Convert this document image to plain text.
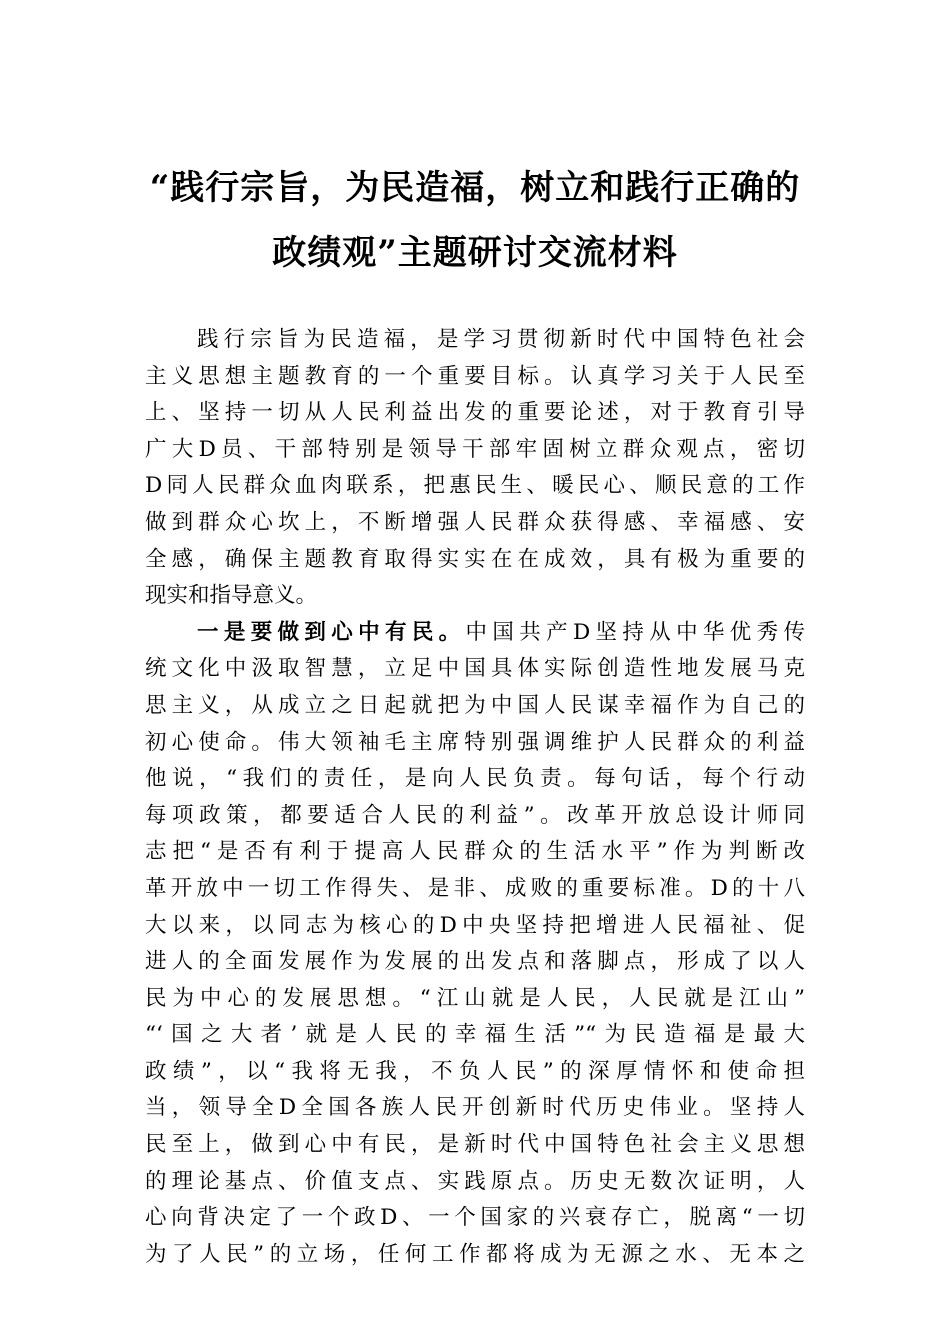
“践行宗旨，为民造福，树立和践行正确的
政绩观”主题研讨交流材料
践行宗旨为民造福，是学习贯彻新时代中国特色社会
主义思想主题教育的一个重要目标。认真学习关于人民至
上、坚持一切从人民利益出发的重要论述，对于教育引导
广大D员、干部特别是领导干部牢固树立群众观点，密切
D同人民群众血肉联系，把惠民生、暖民心、顺民意的工作
做到群众心坎上，不断增强人民群众获得感、幸福感、安
全感，确保主题教育取得实实在在成效，具有极为重要的
现实和指导意义。
一是要做到心中有民。中国共产D坚持从中华优秀传
统文化中汲取智慧，立足中国具体实际创造性地发展马克
思主义，从成立之日起就把为中国人民谋幸福作为自己的
初心使命。伟大领袖毛主席特别强调维护人民群众的利益
他说，“我们的责任，是向人民负责。每句话，每个行动
每项政策，都要适合人民的利益”。改革开放总设计师同
志把“是否有利于提高人民群众的生活水平”作为判断改
革开放中一切工作得失、是非、成败的重要标准。D的十八
大以来，以同志为核心的D中央坚持把增进人民福祉、促
进人的全面发展作为发展的出发点和落脚点，形成了以人
民为中心的发展思想。“江山就是人民，人民就是江山”
“‘国之大者’就是人民的幸福生活”“为民造福是最大
政绩”，以“我将无我，不负人民”的深厚情怀和使命担
当，领导全D全国各族人民开创新时代历史伟业。坚持人
民至上，做到心中有民，是新时代中国特色社会主义思想
的理论基点、价值支点、实践原点。历史无数次证明，人
心向背决定了一个政D、一个国家的兴衰存亡，脱离“一切
为了人民”的立场，任何工作都将成为无源之水、无本之
